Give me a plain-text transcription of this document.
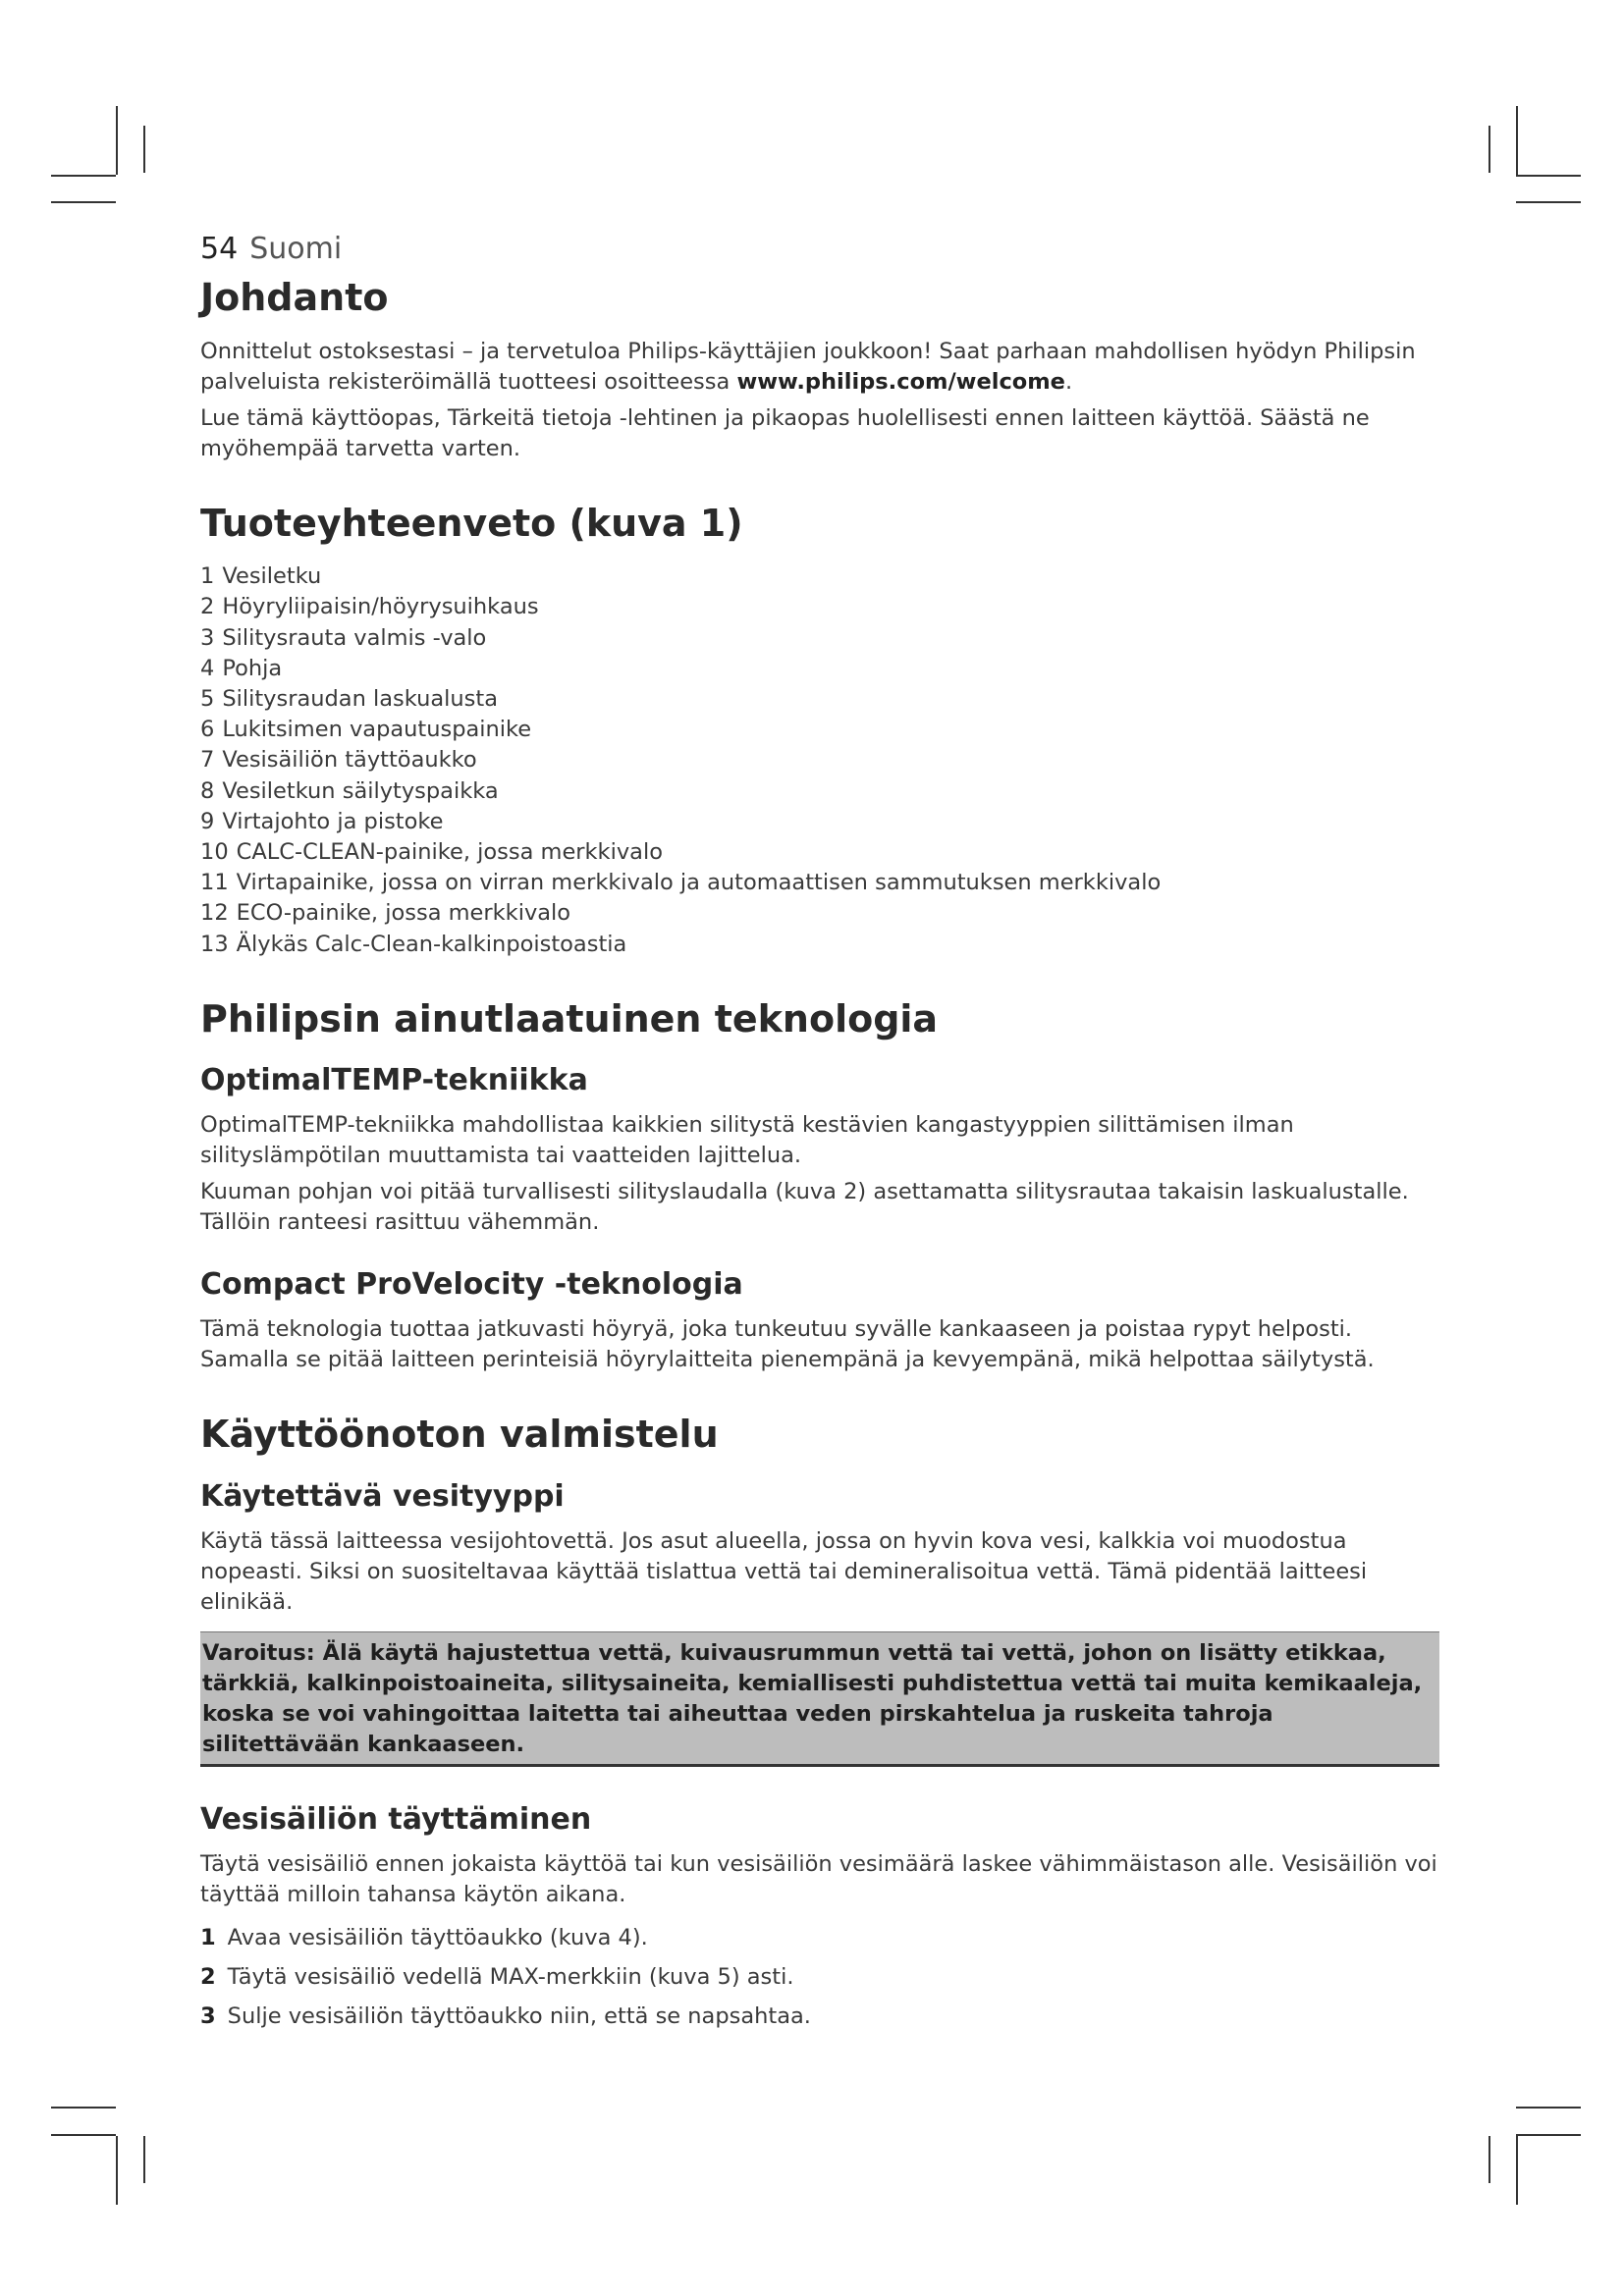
54 Suomi
Johdanto

Onnittelut ostoksestasi – ja tervetuloa Philips-käyttäjien joukkoon! Saat parhaan mahdollisen hyödyn Philipsin palveluista rekisteröimällä tuotteesi osoitteessa www.philips.com/welcome.

Lue tämä käyttöopas, Tärkeitä tietoja -lehtinen ja pikaopas huolellisesti ennen laitteen käyttöä. Säästä ne myöhempää tarvetta varten.

Tuoteyhteenveto (kuva 1)
1 Vesiletku
2 Höyryliipaisin/höyrysuihkaus
3 Silitysrauta valmis -valo
4 Pohja
5 Silitysraudan laskualusta
6 Lukitsimen vapautuspainike
7 Vesisäiliön täyttöaukko
8 Vesiletkun säilytyspaikka
9 Virtajohto ja pistoke
10 CALC-CLEAN-painike, jossa merkkivalo
11 Virtapainike, jossa on virran merkkivalo ja automaattisen sammutuksen merkkivalo
12 ECO-painike, jossa merkkivalo
13 Älykäs Calc-Clean-kalkinpoistoastia
Philipsin ainutlaatuinen teknologia
OptimalTEMP-tekniikka

OptimalTEMP-tekniikka mahdollistaa kaikkien silitystä kestävien kangastyyppien silittämisen ilman silityslämpötilan muuttamista tai vaatteiden lajittelua.

Kuuman pohjan voi pitää turvallisesti silityslaudalla (kuva 2) asettamatta silitysrautaa takaisin laskualustalle. Tällöin ranteesi rasittuu vähemmän.

Compact ProVelocity -teknologia

Tämä teknologia tuottaa jatkuvasti höyryä, joka tunkeutuu syvälle kankaaseen ja poistaa rypyt helposti. Samalla se pitää laitteen perinteisiä höyrylaitteita pienempänä ja kevyempänä, mikä helpottaa säilytystä.

Käyttöönoton valmistelu
Käytettävä vesityyppi

Käytä tässä laitteessa vesijohtovettä. Jos asut alueella, jossa on hyvin kova vesi, kalkkia voi muodostua nopeasti. Siksi on suositeltavaa käyttää tislattua vettä tai demineralisoitua vettä. Tämä pidentää laitteesi elinikää.

Varoitus: Älä käytä hajustettua vettä, kuivausrummun vettä tai vettä, johon on lisätty etikkaa, tärkkiä, kalkinpoistoaineita, silitysaineita, kemiallisesti puhdistettua vettä tai muita kemikaaleja, koska se voi vahingoittaa laitetta tai aiheuttaa veden pirskahtelua ja ruskeita tahroja silitettävään kankaaseen.
Vesisäiliön täyttäminen

Täytä vesisäiliö ennen jokaista käyttöä tai kun vesisäiliön vesimäärä laskee vähimmäistason alle. Vesisäiliön voi täyttää milloin tahansa käytön aikana.

1 Avaa vesisäiliön täyttöaukko (kuva 4).
2 Täytä vesisäiliö vedellä MAX-merkkiin (kuva 5) asti.
3 Sulje vesisäiliön täyttöaukko niin, että se napsahtaa.
